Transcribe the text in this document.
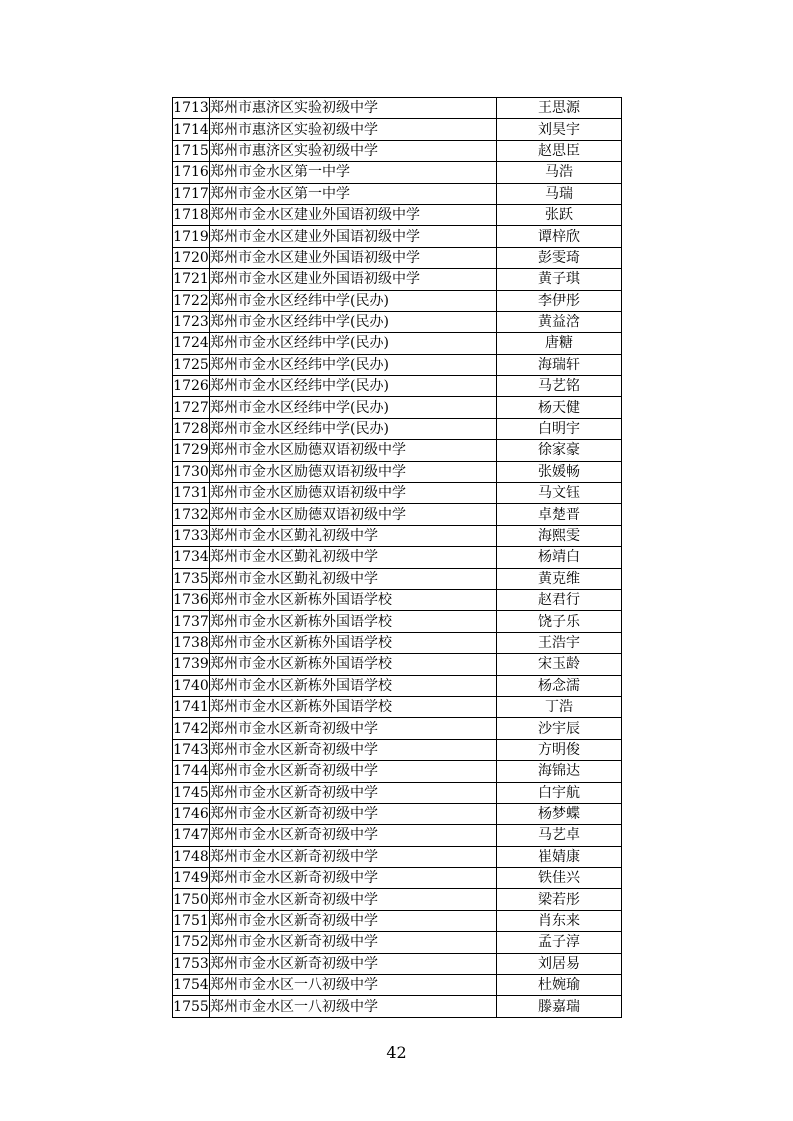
1713	郑州市惠济区实验初级中学	王思源
1714	郑州市惠济区实验初级中学	刘昊宇
1715	郑州市惠济区实验初级中学	赵思臣
1716	郑州市金水区第一中学	马浩
1717	郑州市金水区第一中学	马瑞
1718	郑州市金水区建业外国语初级中学	张跃
1719	郑州市金水区建业外国语初级中学	谭梓欣
1720	郑州市金水区建业外国语初级中学	彭雯琦
1721	郑州市金水区建业外国语初级中学	黄子琪
1722	郑州市金水区经纬中学(民办)	李伊彤
1723	郑州市金水区经纬中学(民办)	黄益浛
1724	郑州市金水区经纬中学(民办)	唐糖
1725	郑州市金水区经纬中学(民办)	海瑞轩
1726	郑州市金水区经纬中学(民办)	马艺铭
1727	郑州市金水区经纬中学(民办)	杨天健
1728	郑州市金水区经纬中学(民办)	白明宇
1729	郑州市金水区励德双语初级中学	徐家豪
1730	郑州市金水区励德双语初级中学	张媛畅
1731	郑州市金水区励德双语初级中学	马文钰
1732	郑州市金水区励德双语初级中学	卓楚晋
1733	郑州市金水区勤礼初级中学	海熙雯
1734	郑州市金水区勤礼初级中学	杨靖白
1735	郑州市金水区勤礼初级中学	黄克维
1736	郑州市金水区新栋外国语学校	赵君行
1737	郑州市金水区新栋外国语学校	饶子乐
1738	郑州市金水区新栋外国语学校	王浩宇
1739	郑州市金水区新栋外国语学校	宋玉龄
1740	郑州市金水区新栋外国语学校	杨念濡
1741	郑州市金水区新栋外国语学校	丁浩
1742	郑州市金水区新奇初级中学	沙宇辰
1743	郑州市金水区新奇初级中学	方明俊
1744	郑州市金水区新奇初级中学	海锦达
1745	郑州市金水区新奇初级中学	白宇航
1746	郑州市金水区新奇初级中学	杨梦蝶
1747	郑州市金水区新奇初级中学	马艺卓
1748	郑州市金水区新奇初级中学	崔婧康
1749	郑州市金水区新奇初级中学	铁佳兴
1750	郑州市金水区新奇初级中学	梁若彤
1751	郑州市金水区新奇初级中学	肖东来
1752	郑州市金水区新奇初级中学	孟子淳
1753	郑州市金水区新奇初级中学	刘居易
1754	郑州市金水区一八初级中学	杜婉瑜
1755	郑州市金水区一八初级中学	滕嘉瑞
42
